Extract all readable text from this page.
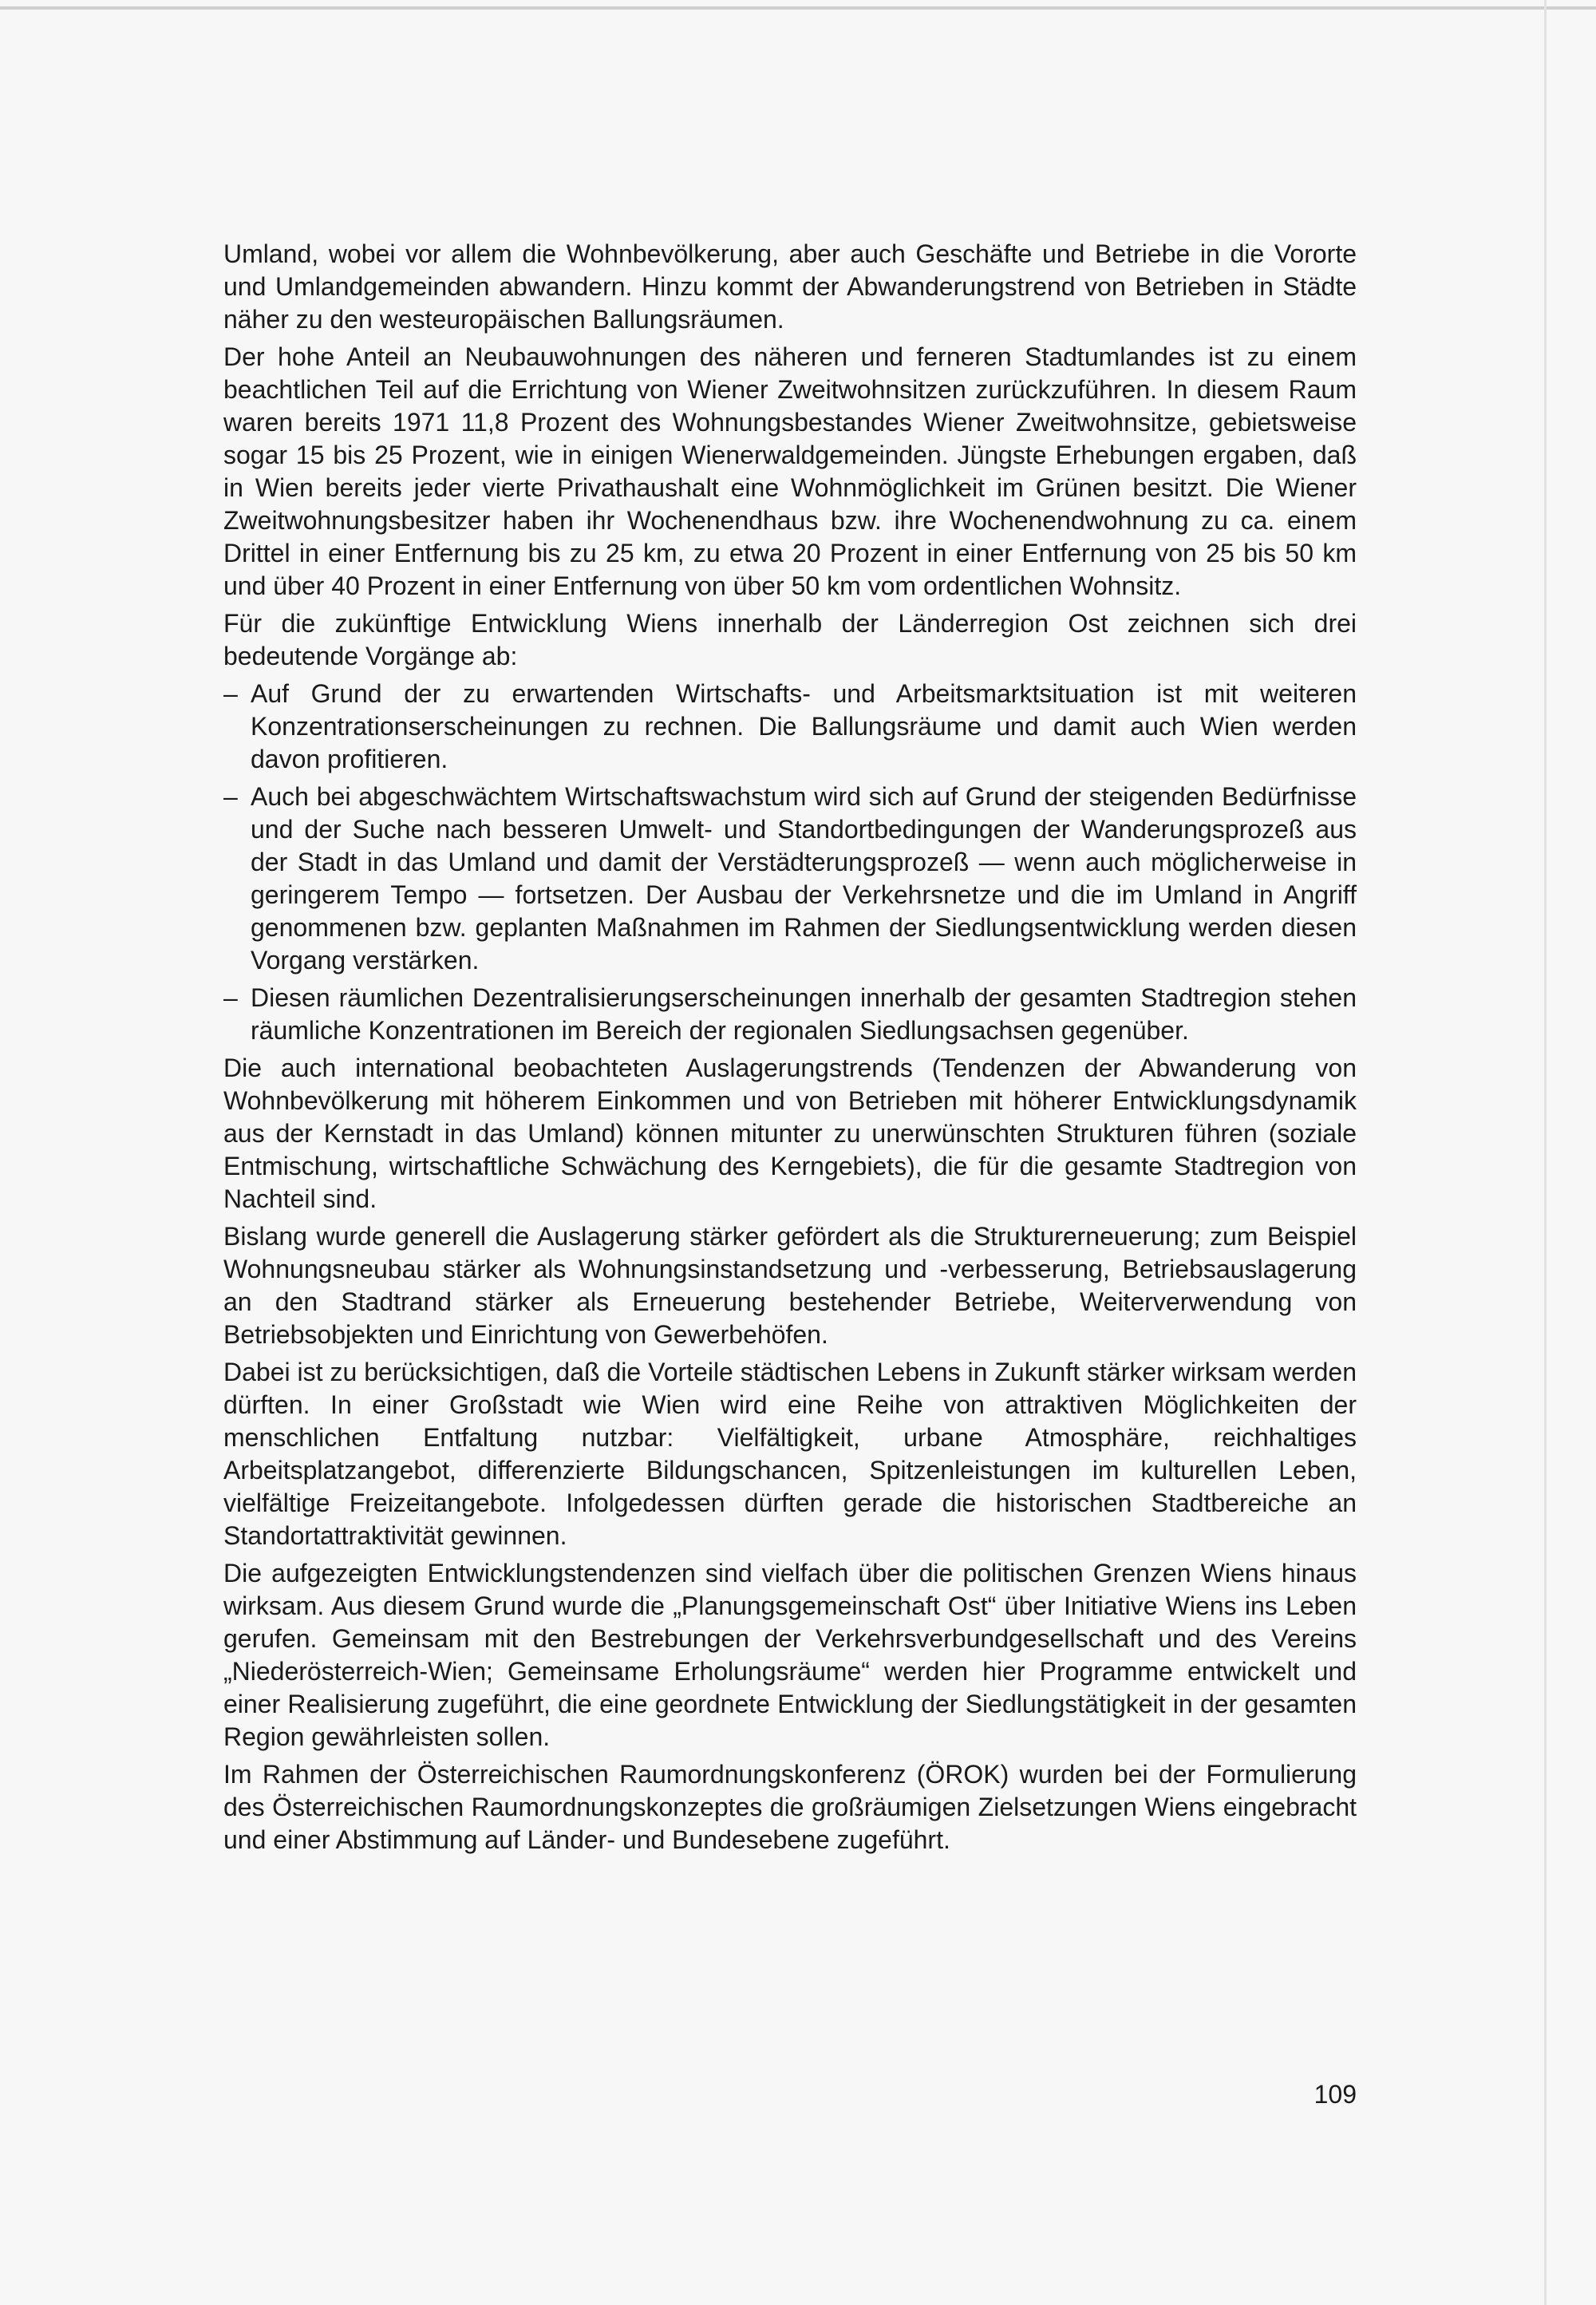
Umland, wobei vor allem die Wohnbevölkerung, aber auch Geschäfte und Betriebe in die Vororte und Umlandgemeinden abwandern. Hinzu kommt der Abwanderungstrend von Betrieben in Städte näher zu den westeuropäischen Ballungsräumen.

Der hohe Anteil an Neubauwohnungen des näheren und ferneren Stadtumlandes ist zu einem beachtlichen Teil auf die Errichtung von Wiener Zweitwohnsitzen zurückzuführen. In diesem Raum waren bereits 1971 11,8 Prozent des Wohnungsbestandes Wiener Zweitwohnsitze, gebietsweise sogar 15 bis 25 Prozent, wie in einigen Wienerwaldgemeinden. Jüngste Erhebungen ergaben, daß in Wien bereits jeder vierte Privathaushalt eine Wohnmöglichkeit im Grünen besitzt. Die Wiener Zweitwohnungsbesitzer haben ihr Wochenendhaus bzw. ihre Wochenendwohnung zu ca. einem Drittel in einer Entfernung bis zu 25 km, zu etwa 20 Prozent in einer Entfernung von 25 bis 50 km und über 40 Prozent in einer Entfernung von über 50 km vom ordentlichen Wohnsitz.

Für die zukünftige Entwicklung Wiens innerhalb der Länderregion Ost zeichnen sich drei bedeutende Vorgänge ab:

– Auf Grund der zu erwartenden Wirtschafts- und Arbeitsmarktsituation ist mit weiteren Konzentrationserscheinungen zu rechnen. Die Ballungsräume und damit auch Wien werden davon profitieren.
– Auch bei abgeschwächtem Wirtschaftswachstum wird sich auf Grund der steigenden Bedürfnisse und der Suche nach besseren Umwelt- und Standortbedingungen der Wanderungsprozeß aus der Stadt in das Umland und damit der Verstädterungsprozeß — wenn auch möglicherweise in geringerem Tempo — fortsetzen. Der Ausbau der Verkehrsnetze und die im Umland in Angriff genommenen bzw. geplanten Maßnahmen im Rahmen der Siedlungsentwicklung werden diesen Vorgang verstärken.
– Diesen räumlichen Dezentralisierungserscheinungen innerhalb der gesamten Stadtregion stehen räumliche Konzentrationen im Bereich der regionalen Siedlungsachsen gegenüber.

Die auch international beobachteten Auslagerungstrends (Tendenzen der Abwanderung von Wohnbevölkerung mit höherem Einkommen und von Betrieben mit höherer Entwicklungsdynamik aus der Kernstadt in das Umland) können mitunter zu unerwünschten Strukturen führen (soziale Entmischung, wirtschaftliche Schwächung des Kerngebiets), die für die gesamte Stadtregion von Nachteil sind.

Bislang wurde generell die Auslagerung stärker gefördert als die Strukturerneuerung; zum Beispiel Wohnungsneubau stärker als Wohnungsinstandsetzung und -verbesserung, Betriebsauslagerung an den Stadtrand stärker als Erneuerung bestehender Betriebe, Weiterverwendung von Betriebsobjekten und Einrichtung von Gewerbehöfen.

Dabei ist zu berücksichtigen, daß die Vorteile städtischen Lebens in Zukunft stärker wirksam werden dürften. In einer Großstadt wie Wien wird eine Reihe von attraktiven Möglichkeiten der menschlichen Entfaltung nutzbar: Vielfältigkeit, urbane Atmosphäre, reichhaltiges Arbeitsplatzangebot, differenzierte Bildungschancen, Spitzenleistungen im kulturellen Leben, vielfältige Freizeitangebote. Infolgedessen dürften gerade die historischen Stadtbereiche an Standortattraktivität gewinnen.

Die aufgezeigten Entwicklungstendenzen sind vielfach über die politischen Grenzen Wiens hinaus wirksam. Aus diesem Grund wurde die „Planungsgemeinschaft Ost“ über Initiative Wiens ins Leben gerufen. Gemeinsam mit den Bestrebungen der Verkehrsverbundgesellschaft und des Vereins „Niederösterreich-Wien; Gemeinsame Erholungsräume“ werden hier Programme entwickelt und einer Realisierung zugeführt, die eine geordnete Entwicklung der Siedlungstätigkeit in der gesamten Region gewährleisten sollen.

Im Rahmen der Österreichischen Raumordnungskonferenz (ÖROK) wurden bei der Formulierung des Österreichischen Raumordnungskonzeptes die großräumigen Zielsetzungen Wiens eingebracht und einer Abstimmung auf Länder- und Bundesebene zugeführt.

109
